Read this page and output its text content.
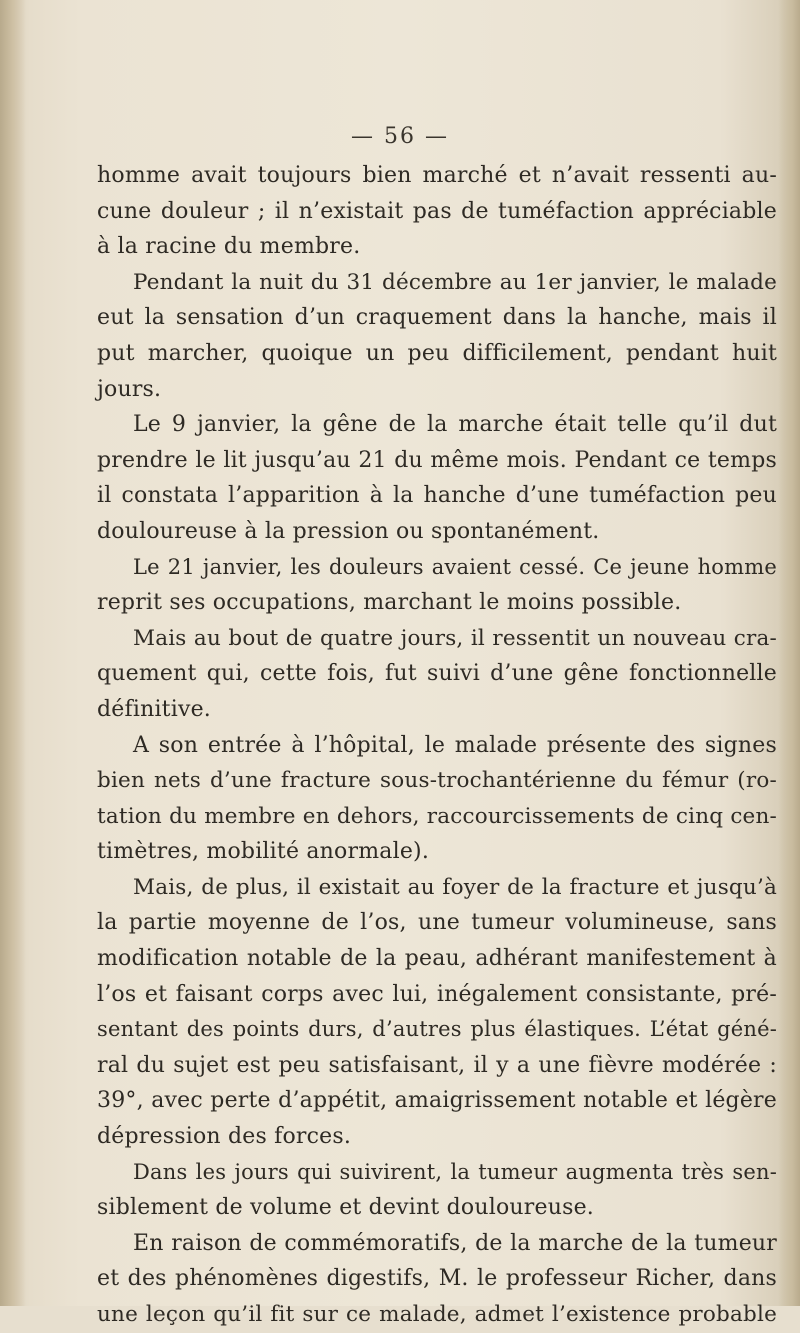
— 56 —
homme avait toujours bien marché et n’avait ressenti au-
cune douleur ; il n’existait pas de tuméfaction appréciable
à la racine du membre.
Pendant la nuit du 31 décembre au 1er janvier, le malade
eut la sensation d’un craquement dans la hanche, mais il
put marcher, quoique un peu difficilement, pendant huit
jours.
Le 9 janvier, la gêne de la marche était telle qu’il dut
prendre le lit jusqu’au 21 du même mois. Pendant ce temps
il constata l’apparition à la hanche d’une tuméfaction peu
douloureuse à la pression ou spontanément.
Le 21 janvier, les douleurs avaient cessé. Ce jeune homme
reprit ses occupations, marchant le moins possible.
Mais au bout de quatre jours, il ressentit un nouveau cra-
quement qui, cette fois, fut suivi d’une gêne fonctionnelle
définitive.
A son entrée à l’hôpital, le malade présente des signes
bien nets d’une fracture sous-trochantérienne du fémur (ro-
tation du membre en dehors, raccourcissements de cinq cen-
timètres, mobilité anormale).
Mais, de plus, il existait au foyer de la fracture et jusqu’à
la partie moyenne de l’os, une tumeur volumineuse, sans
modification notable de la peau, adhérant manifestement à
l’os et faisant corps avec lui, inégalement consistante, pré-
sentant des points durs, d’autres plus élastiques. L’état géné-
ral du sujet est peu satisfaisant, il y a une fièvre modérée :
39°, avec perte d’appétit, amaigrissement notable et légère
dépression des forces.
Dans les jours qui suivirent, la tumeur augmenta très sen-
siblement de volume et devint douloureuse.
En raison de commémoratifs, de la marche de la tumeur
et des phénomènes digestifs, M. le professeur Richer, dans
une leçon qu’il fit sur ce malade, admet l’existence probable
